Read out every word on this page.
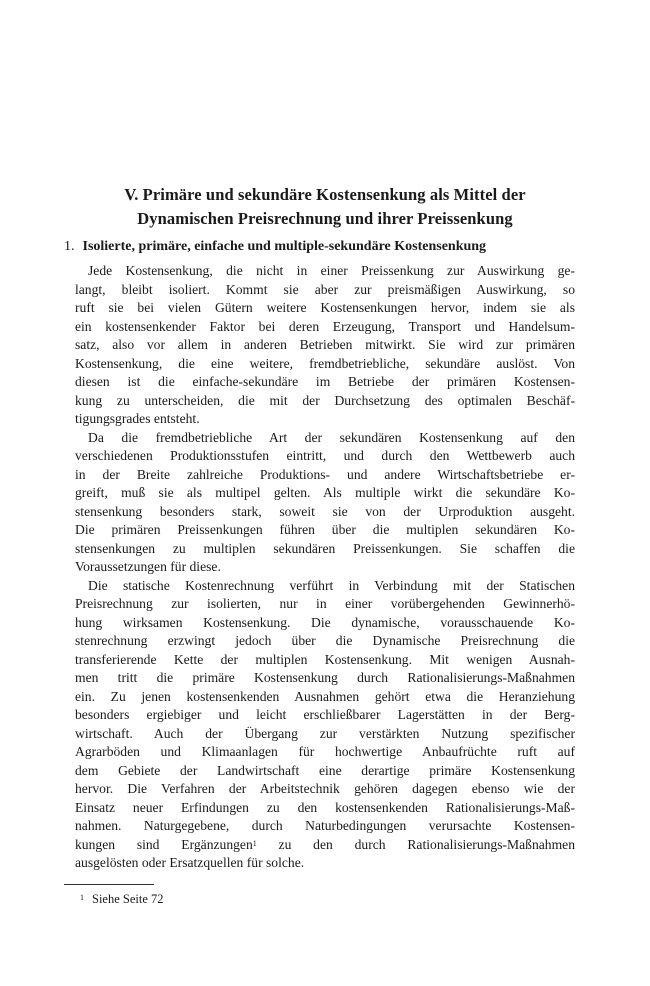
V. Primäre und sekundäre Kostensenkung als Mittel der
Dynamischen Preisrechnung und ihrer Preissenkung
1. Isolierte, primäre, einfache und multiple-sekundäre Kostensenkung
Jede Kostensenkung, die nicht in einer Preissenkung zur Auswirkung ge-
langt, bleibt isoliert. Kommt sie aber zur preismäßigen Auswirkung, so
ruft sie bei vielen Gütern weitere Kostensenkungen hervor, indem sie als
ein kostensenkender Faktor bei deren Erzeugung, Transport und Handelsum-
satz, also vor allem in anderen Betrieben mitwirkt. Sie wird zur primären
Kostensenkung, die eine weitere, fremdbetriebliche, sekundäre auslöst. Von
diesen ist die einfache-sekundäre im Betriebe der primären Kostensen-
kung zu unterscheiden, die mit der Durchsetzung des optimalen Beschäf-
tigungsgrades entsteht.
Da die fremdbetriebliche Art der sekundären Kostensenkung auf den
verschiedenen Produktionsstufen eintritt, und durch den Wettbewerb auch
in der Breite zahlreiche Produktions- und andere Wirtschaftsbetriebe er-
greift, muß sie als multipel gelten. Als multiple wirkt die sekundäre Ko-
stensenkung besonders stark, soweit sie von der Urproduktion ausgeht.
Die primären Preissenkungen führen über die multiplen sekundären Ko-
stensenkungen zu multiplen sekundären Preissenkungen. Sie schaffen die
Voraussetzungen für diese.
Die statische Kostenrechnung verführt in Verbindung mit der Statischen
Preisrechnung zur isolierten, nur in einer vorübergehenden Gewinnerhö-
hung wirksamen Kostensenkung. Die dynamische, vorausschauende Ko-
stenrechnung erzwingt jedoch über die Dynamische Preisrechnung die
transferierende Kette der multiplen Kostensenkung. Mit wenigen Ausnah-
men tritt die primäre Kostensenkung durch Rationalisierungs-Maßnahmen
ein. Zu jenen kostensenkenden Ausnahmen gehört etwa die Heranziehung
besonders ergiebiger und leicht erschließbarer Lagerstätten in der Berg-
wirtschaft. Auch der Übergang zur verstärkten Nutzung spezifischer
Agrarböden und Klimaanlagen für hochwertige Anbaufrüchte ruft auf
dem Gebiete der Landwirtschaft eine derartige primäre Kostensenkung
hervor. Die Verfahren der Arbeitstechnik gehören dagegen ebenso wie der
Einsatz neuer Erfindungen zu den kostensenkenden Rationalisierungs-Maß-
nahmen. Naturgegebene, durch Naturbedingungen verursachte Kostensen-
kungen sind Ergänzungen$^1$ zu den durch Rationalisierungs-Maßnahmen
ausgelösten oder Ersatzquellen für solche.
$^1$ Siehe Seite 72
